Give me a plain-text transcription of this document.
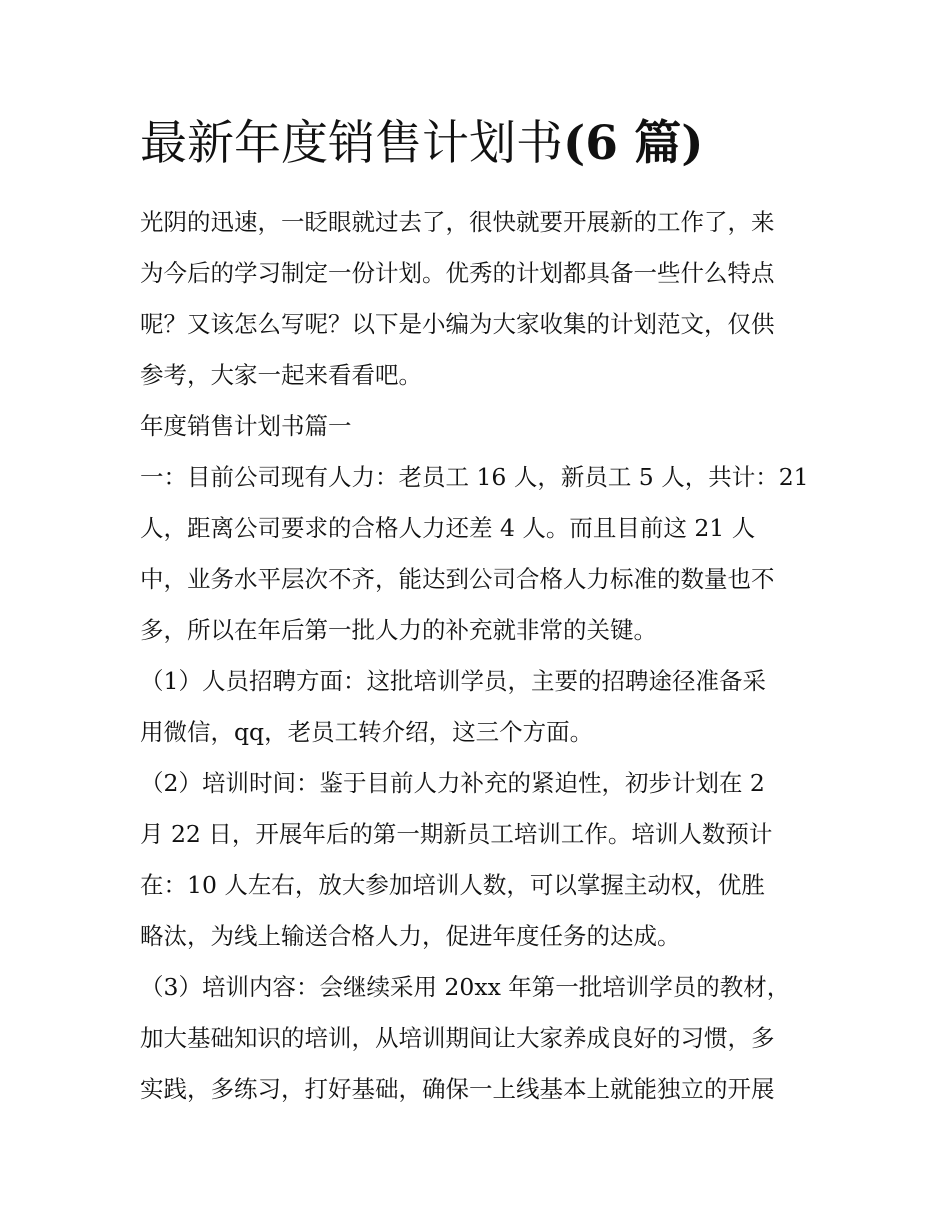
最新年度销售计划书(6 篇)
光阴的迅速，一眨眼就过去了，很快就要开展新的工作了，来
为今后的学习制定一份计划。优秀的计划都具备一些什么特点
呢？又该怎么写呢？以下是小编为大家收集的计划范文，仅供
参考，大家一起来看看吧。
年度销售计划书篇一
一：目前公司现有人力：老员工 16 人，新员工 5 人，共计：21
人，距离公司要求的合格人力还差 4 人。而且目前这 21 人
中，业务水平层次不齐，能达到公司合格人力标准的数量也不
多，所以在年后第一批人力的补充就非常的关键。
（1）人员招聘方面：这批培训学员，主要的招聘途径准备采
用微信，qq，老员工转介绍，这三个方面。
（2）培训时间：鉴于目前人力补充的紧迫性，初步计划在 2
月 22 日，开展年后的第一期新员工培训工作。培训人数预计
在：10 人左右，放大参加培训人数，可以掌握主动权，优胜
略汰，为线上输送合格人力，促进年度任务的达成。
（3）培训内容：会继续采用 20xx 年第一批培训学员的教材，
加大基础知识的培训，从培训期间让大家养成良好的习惯，多
实践，多练习，打好基础，确保一上线基本上就能独立的开展
